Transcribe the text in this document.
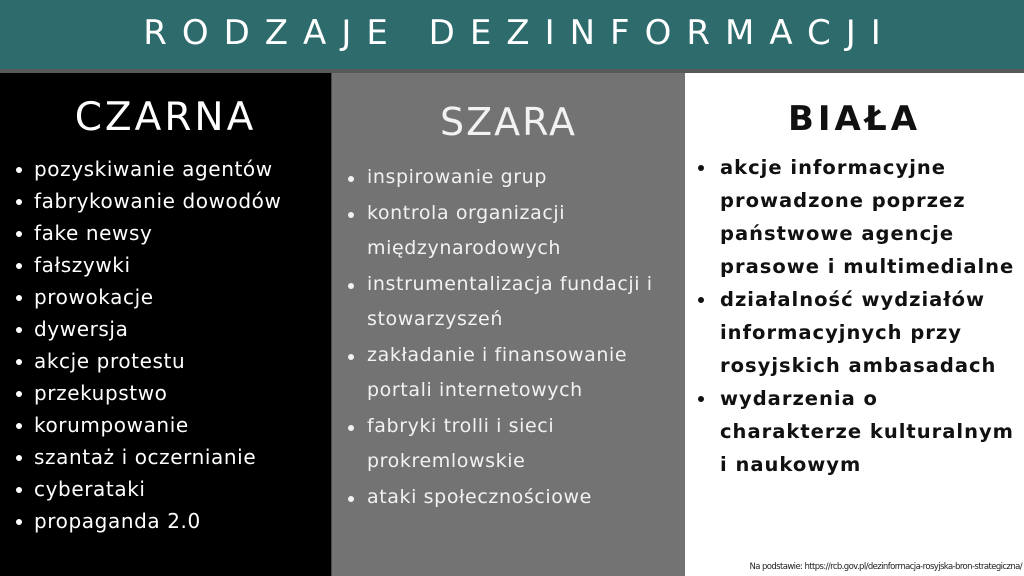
RODZAJE DEZINFORMACJI
CZARNA
pozyskiwanie agentów
fabrykowanie dowodów
fake newsy
fałszywki
prowokacje
dywersja
akcje protestu
przekupstwo
korumpowanie
szantaż i oczernianie
cyberataki
propaganda 2.0
SZARA
inspirowanie grup
kontrola organizacji międzynarodowych
instrumentalizacja fundacji i stowarzyszeń
zakładanie i finansowanie portali internetowych
fabryki trolli i sieci prokremlowskie
ataki społecznościowe
BIAŁA
akcje informacyjne prowadzone poprzez państwowe agencje prasowe i multimedialne
działalność wydziałów informacyjnych przy rosyjskich ambasadach
wydarzenia o charakterze kulturalnym i naukowym
Na podstawie: https://rcb.gov.pl/dezinformacja-rosyjska-bron-strategiczna/
